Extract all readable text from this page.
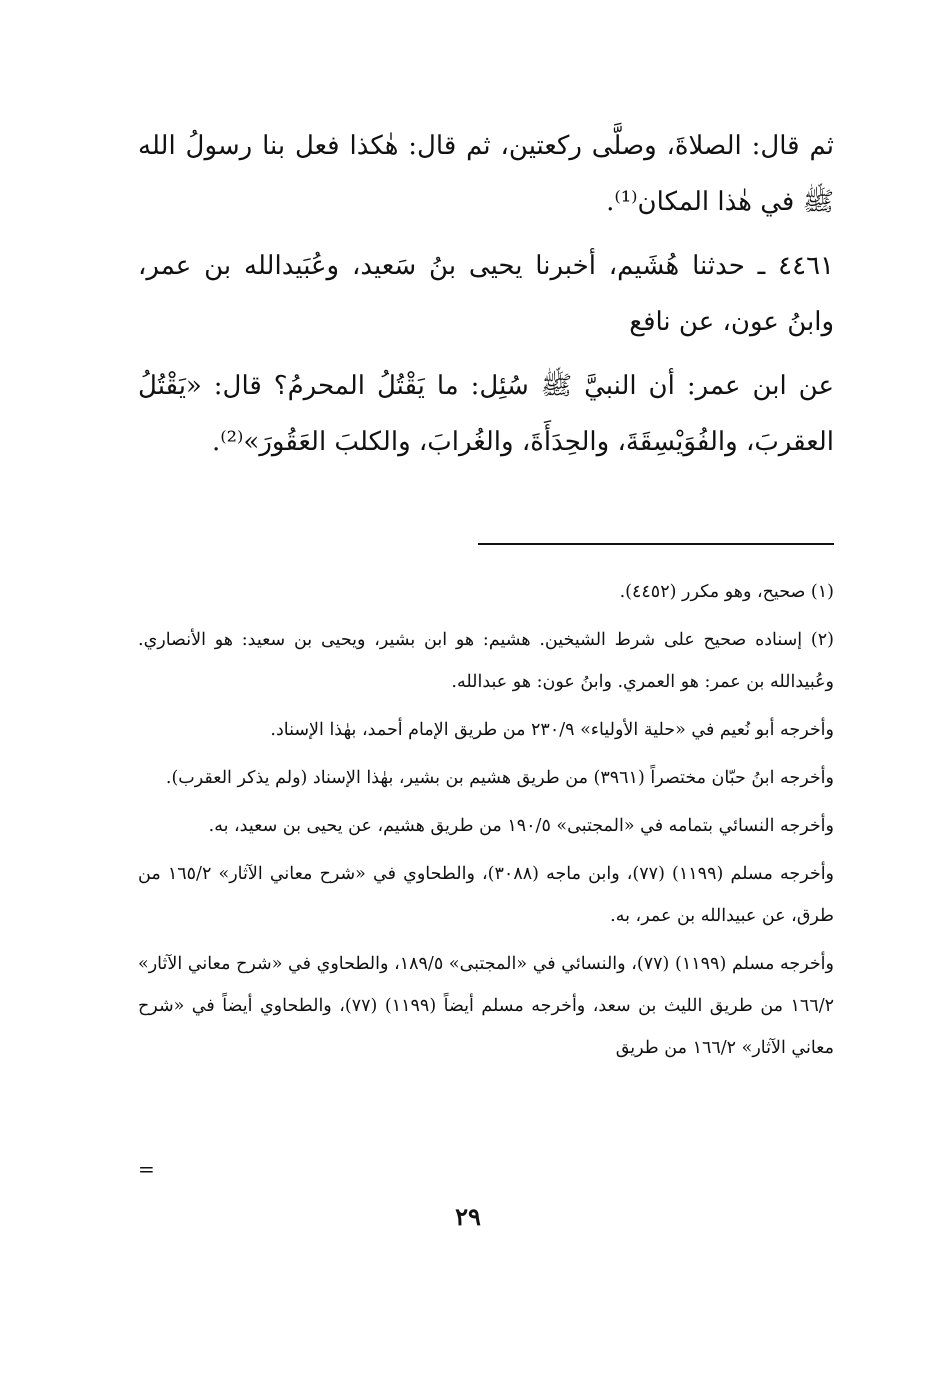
ثم قال: الصلاةَ، وصلَّى ركعتين، ثم قال: هٰكذا فعل بنا رسولُ الله ﷺ في هٰذا المكان⁽¹⁾.

٤٤٦١ ـ حدثنا هُشَيم، أخبرنا يحيى بنُ سَعيد، وعُبَيدالله بن عمر، وابنُ عون، عن نافع

عن ابن عمر: أن النبيَّ ﷺ سُئِل: ما يَقْتُلُ المحرمُ؟ قال: «يَقْتُلُ العقربَ، والفُوَيْسِقَةَ، والحِدَأَةَ، والغُرابَ، والكلبَ العَقُورَ»⁽²⁾.

(١) صحيح، وهو مكرر (٤٤٥٢).

(٢) إسناده صحيح على شرط الشيخين. هشيم: هو ابن بشير، ويحيى بن سعيد: هو الأنصاري. وعُبيدالله بن عمر: هو العمري. وابنُ عون: هو عبدالله.

وأخرجه أبو نُعيم في «حلية الأولياء» ٢٣٠/٩ من طريق الإمام أحمد، بهٰذا الإسناد.

وأخرجه ابنُ حبّان مختصراً (٣٩٦١) من طريق هشيم بن بشير، بهٰذا الإسناد (ولم يذكر العقرب).

وأخرجه النسائي بتمامه في «المجتبى» ١٩٠/٥ من طريق هشيم، عن يحيى بن سعيد، به.

وأخرجه مسلم (١١٩٩) (٧٧)، وابن ماجه (٣٠٨٨)، والطحاوي في «شرح معاني الآثار» ١٦٥/٢ من طرق، عن عبيدالله بن عمر، به.

وأخرجه مسلم (١١٩٩) (٧٧)، والنسائي في «المجتبى» ١٨٩/٥، والطحاوي في «شرح معاني الآثار» ١٦٦/٢ من طريق الليث بن سعد، وأخرجه مسلم أيضاً (١١٩٩) (٧٧)، والطحاوي أيضاً في «شرح معاني الآثار» ١٦٦/٢ من طريق

=
٢٩
